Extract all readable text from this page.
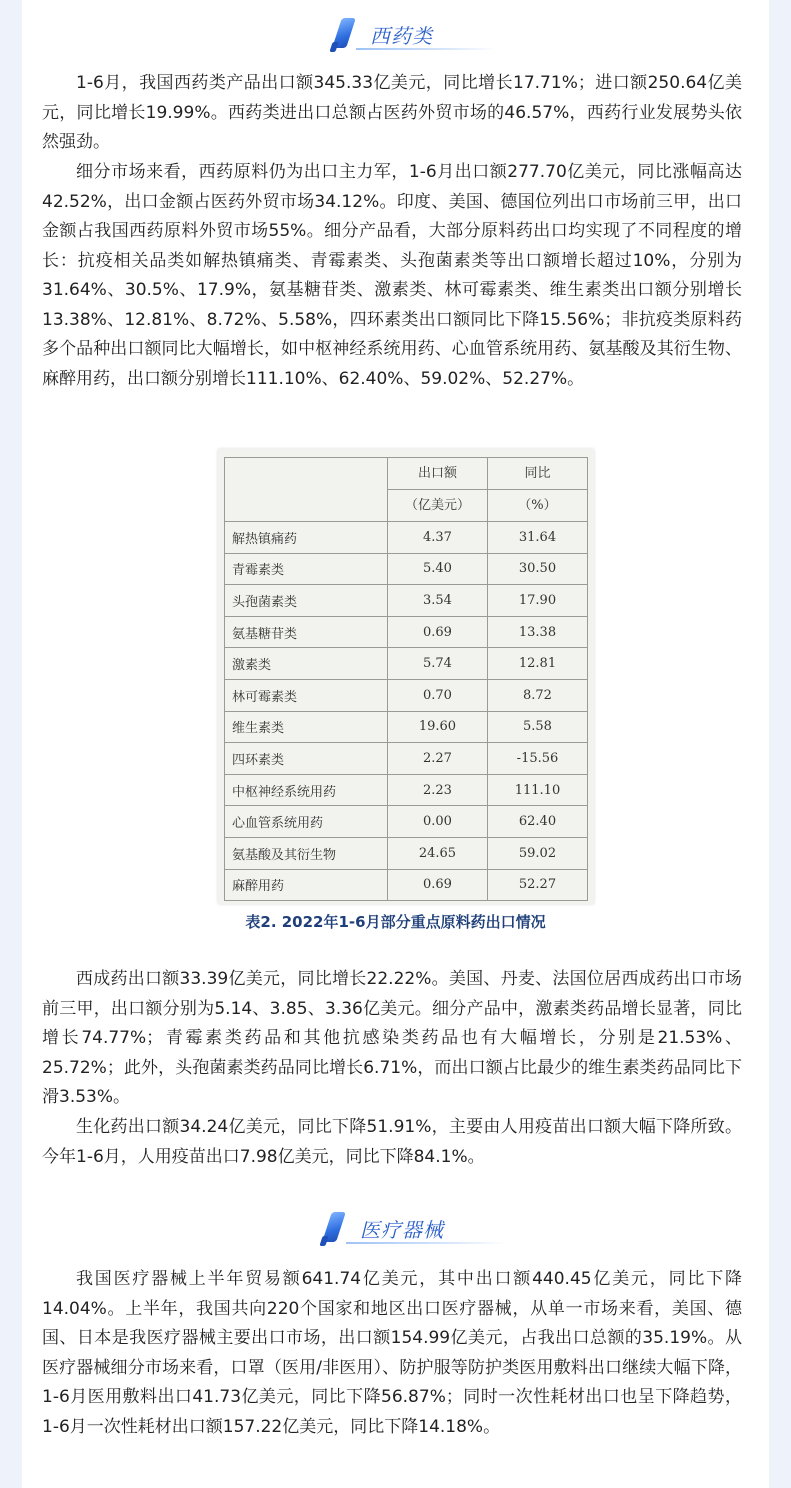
西药类

1-6月，我国西药类产品出口额345.33亿美元，同比增长17.71%；进口额250.64亿美元，同比增长19.99%。西药类进出口总额占医药外贸市场的46.57%，西药行业发展势头依然强劲。

细分市场来看，西药原料仍为出口主力军，1-6月出口额277.70亿美元，同比涨幅高达42.52%，出口金额占医药外贸市场34.12%。印度、美国、德国位列出口市场前三甲，出口金额占我国西药原料外贸市场55%。细分产品看，大部分原料药出口均实现了不同程度的增长：抗疫相关品类如解热镇痛类、青霉素类、头孢菌素类等出口额增长超过10%，分别为31.64%、30.5%、17.9%，氨基糖苷类、激素类、林可霉素类、维生素类出口额分别增长13.38%、12.81%、8.72%、5.58%，四环素类出口额同比下降15.56%；非抗疫类原料药多个品种出口额同比大幅增长，如中枢神经系统用药、心血管系统用药、氨基酸及其衍生物、麻醉用药，出口额分别增长111.10%、62.40%、59.02%、52.27%。

	出口额	同比
	（亿美元）	（%）
解热镇痛药	4.37	31.64
青霉素类	5.40	30.50
头孢菌素类	3.54	17.90
氨基糖苷类	0.69	13.38
激素类	5.74	12.81
林可霉素类	0.70	8.72
维生素类	19.60	5.58
四环素类	2.27	-15.56
中枢神经系统用药	2.23	111.10
心血管系统用药	0.00	62.40
氨基酸及其衍生物	24.65	59.02
麻醉用药	0.69	52.27
表2. 2022年1-6月部分重点原料药出口情况

西成药出口额33.39亿美元，同比增长22.22%。美国、丹麦、法国位居西成药出口市场前三甲，出口额分别为5.14、3.85、3.36亿美元。细分产品中，激素类药品增长显著，同比增长74.77%；青霉素类药品和其他抗感染类药品也有大幅增长，分别是21.53%、25.72%；此外，头孢菌素类药品同比增长6.71%，而出口额占比最少的维生素类药品同比下滑3.53%。

生化药出口额34.24亿美元，同比下降51.91%，主要由人用疫苗出口额大幅下降所致。今年1-6月，人用疫苗出口7.98亿美元，同比下降84.1%。

医疗器械

我国医疗器械上半年贸易额641.74亿美元，其中出口额440.45亿美元，同比下降14.04%。上半年，我国共向220个国家和地区出口医疗器械，从单一市场来看，美国、德国、日本是我医疗器械主要出口市场，出口额154.99亿美元，占我出口总额的35.19%。从医疗器械细分市场来看，口罩（医用/非医用）、防护服等防护类医用敷料出口继续大幅下降，1-6月医用敷料出口41.73亿美元，同比下降56.87%；同时一次性耗材出口也呈下降趋势，1-6月一次性耗材出口额157.22亿美元，同比下降14.18%。
